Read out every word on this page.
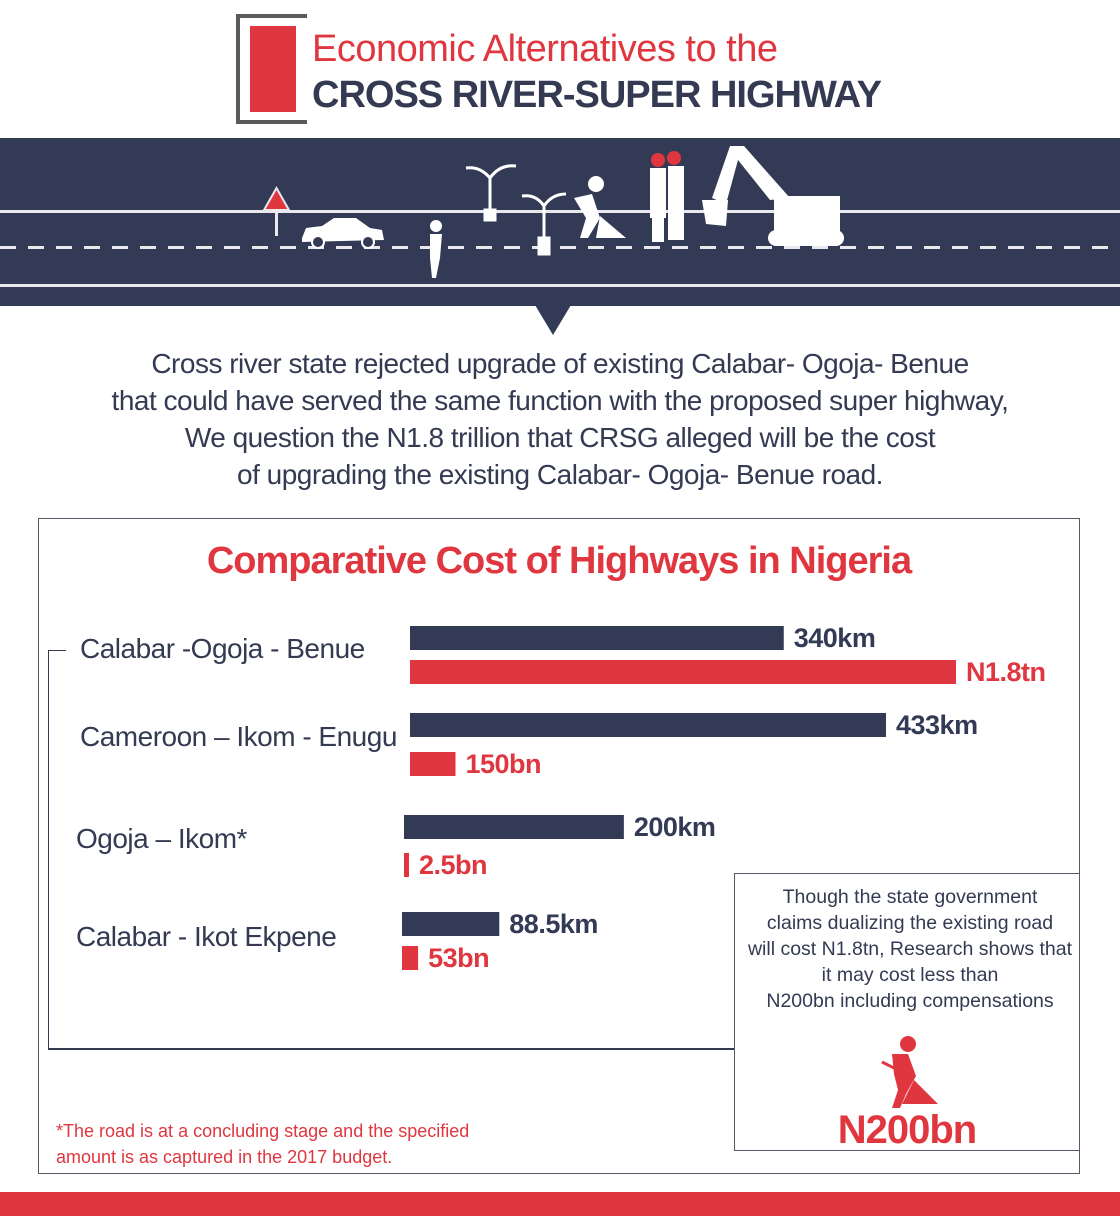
Economic Alternatives to the
CROSS RIVER-SUPER HIGHWAY
Cross river state rejected upgrade of existing Calabar- Ogoja- Benue
that could have served the same function with the proposed super highway,
We question the N1.8 trillion that CRSG alleged will be the cost
of upgrading the existing Calabar- Ogoja- Benue road.
Comparative Cost of Highways in Nigeria
Calabar -Ogoja - Benue
Cameroon – Ikom - Enugu
Ogoja – Ikom*
Calabar - Ikot Ekpene
340km
N1.8tn
433km
150bn
200km
2.5bn
88.5km
53bn
Though the state government
claims dualizing the existing road
will cost N1.8tn, Research shows that
it may cost less than
N200bn including compensations
N200bn
*The road is at a concluding stage and the specified
amount is as captured in the 2017 budget.
